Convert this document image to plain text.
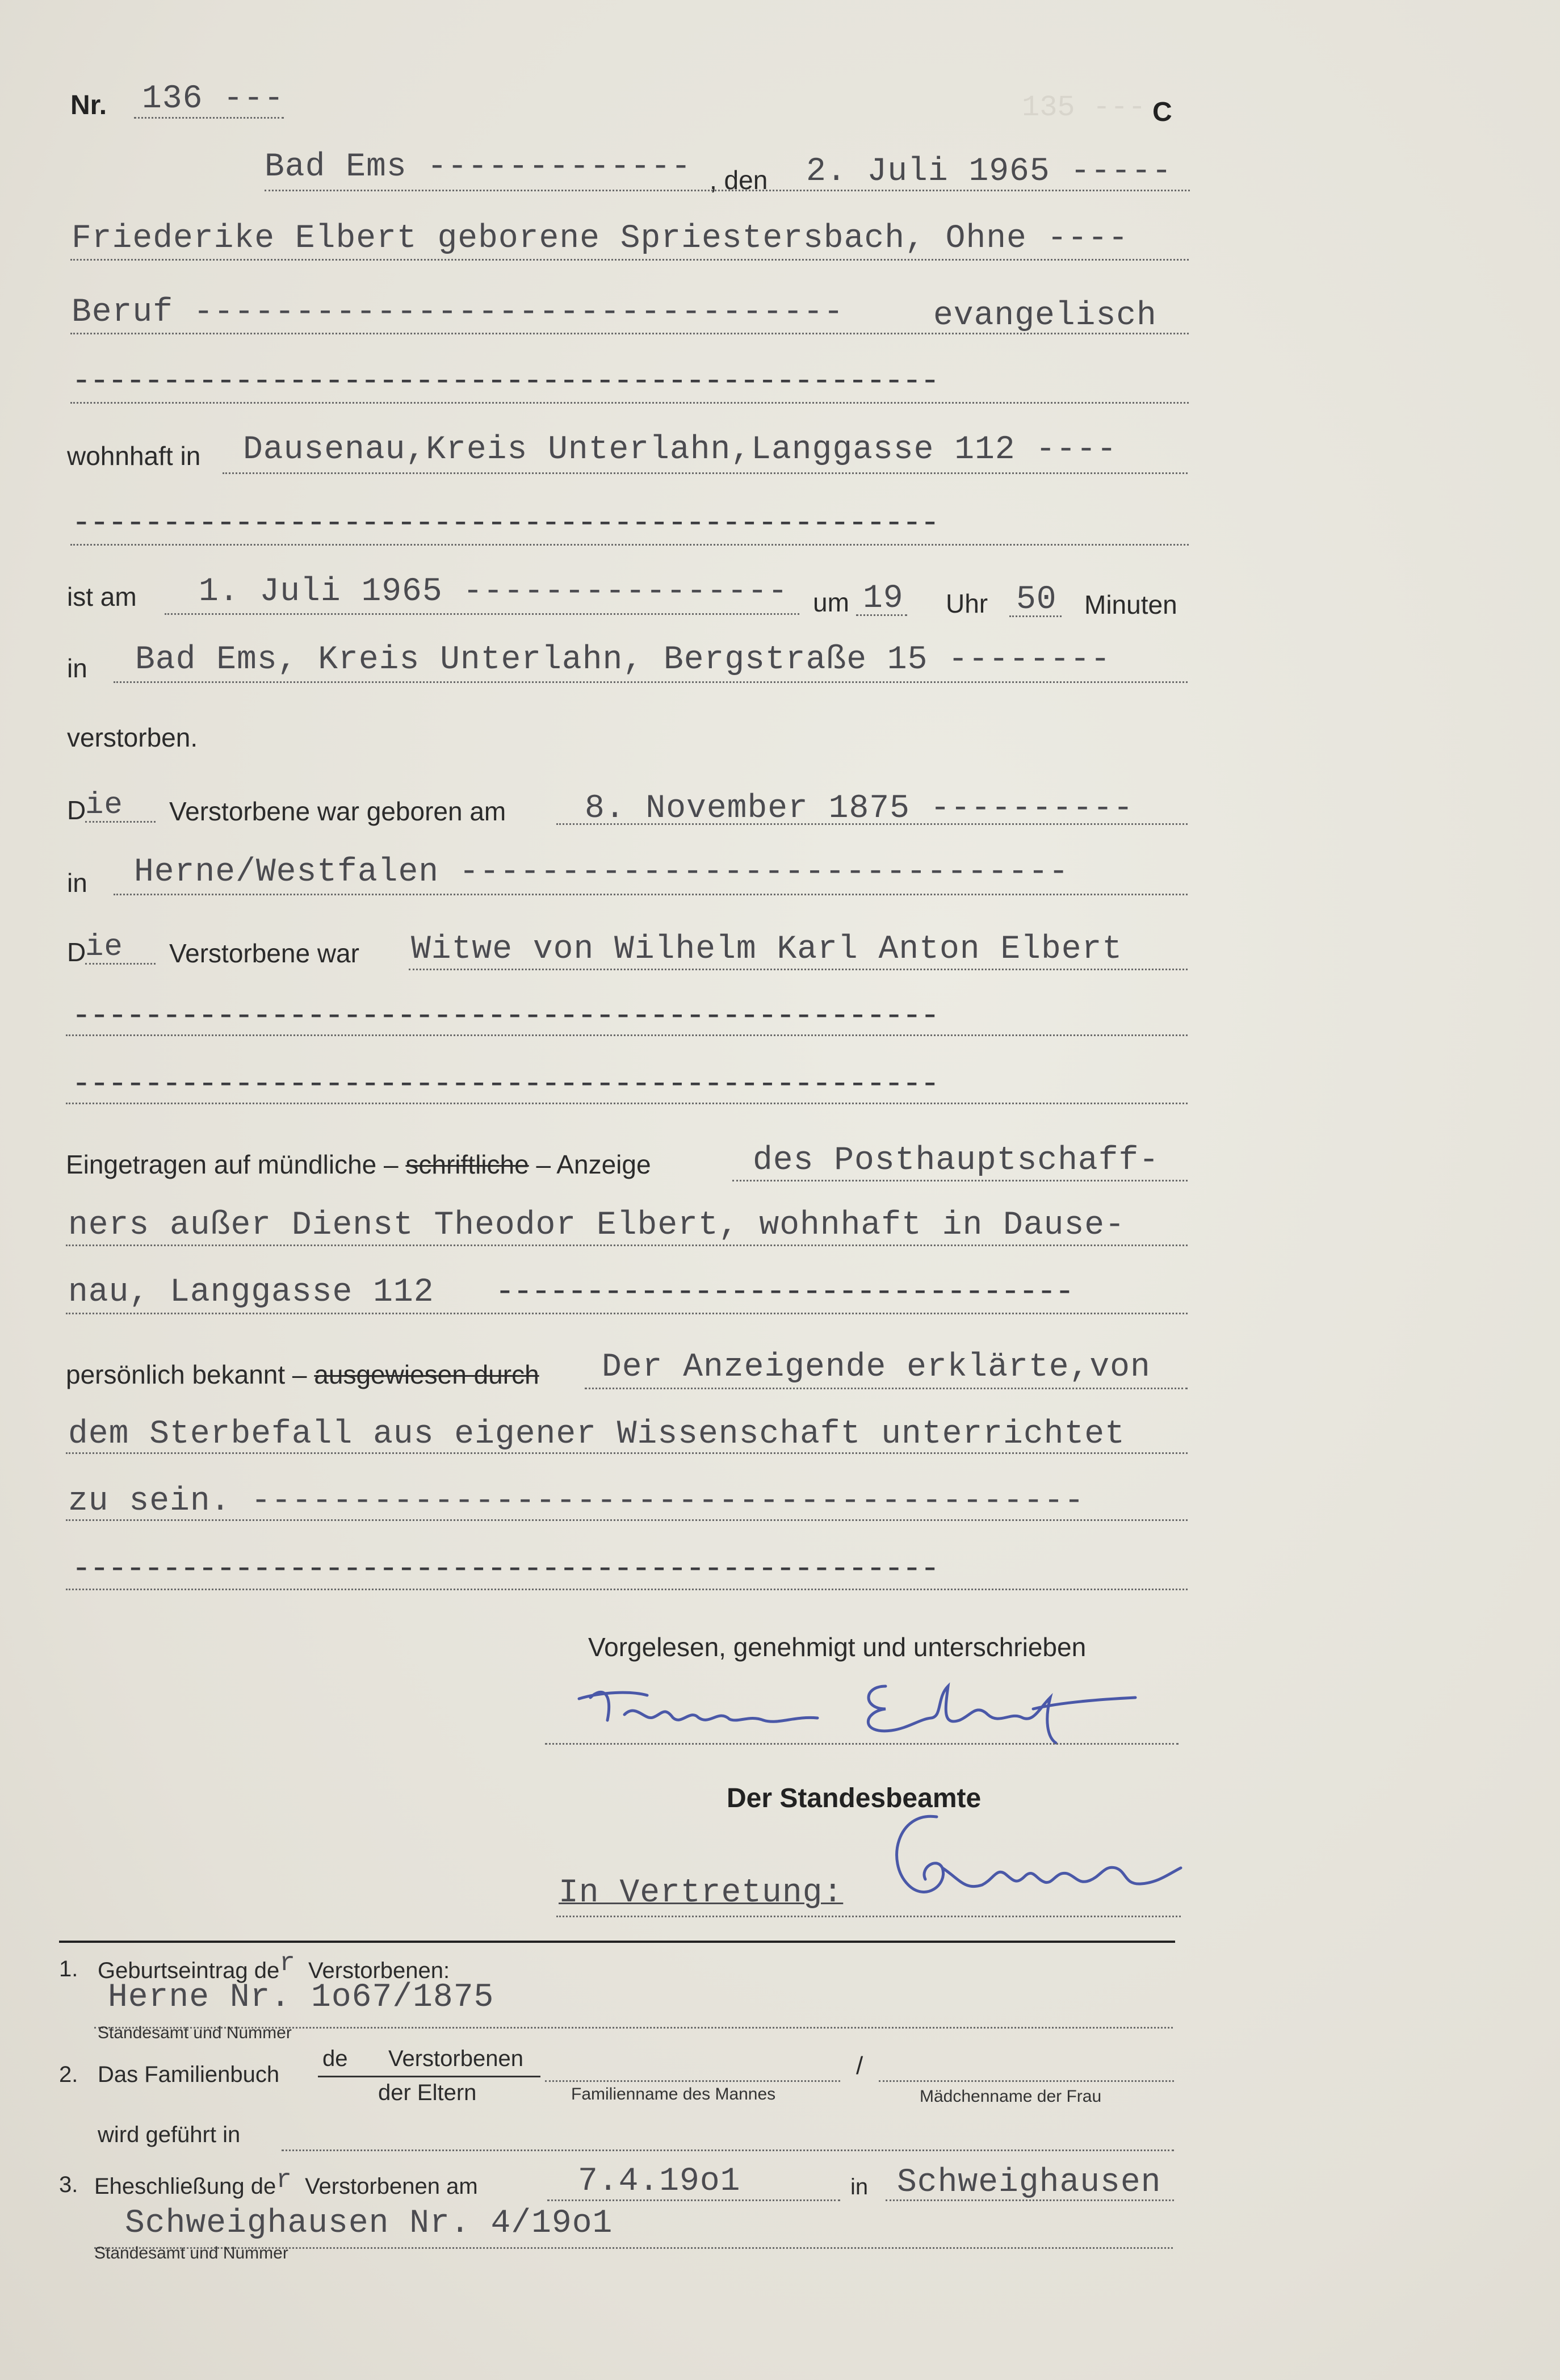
135 ---
Nr. 136 ---	C
Bad Ems ------------- , den 2. Juli 1965 -----
Friederike Elbert geborene Spriestersbach, Ohne ----
Beruf --------------------------------	evangelisch
------------------------------------------------
wohnhaft in Dausenau,Kreis Unterlahn,Langgasse 112 ----
------------------------------------------------
ist am 1. Juli 1965 ---------------- um 19 Uhr 50 Minuten
in Bad Ems, Kreis Unterlahn, Bergstraße 15 --------
verstorben.
D
ie Verstorbene war geboren am 8. November 1875 ----------
in Herne/Westfalen ------------------------------
D
ie Verstorbene war Witwe von Wilhelm Karl Anton Elbert
------------------------------------------------
------------------------------------------------
Eingetragen auf mündliche – schriftliche – Anzeige	des Posthauptschaff-
ners außer Dienst Theodor Elbert, wohnhaft in Dause-
nau, Langgasse 112 --------------------------------
persönlich bekannt – ausgewiesen durch Der Anzeigende erklärte,von
dem Sterbefall aus eigener Wissenschaft unterrichtet
zu sein. -----------------------------------------
------------------------------------------------
Vorgelesen, genehmigt und unterschrieben
Der Standesbeamte
In Vertretung:
1. Geburtseintrag der Verstorbenen:
Herne Nr. 1o67/1875
Standesamt und Nummer
2. Das Familienbuch
de Verstorbenen
der Eltern
/
Familienname des Mannes	Mädchenname der Frau
wird geführt in
3. Eheschließung der Verstorbenen am	7.4.19o1	in Schweighausen
Schweighausen Nr. 4/19o1
Standesamt und Nummer
